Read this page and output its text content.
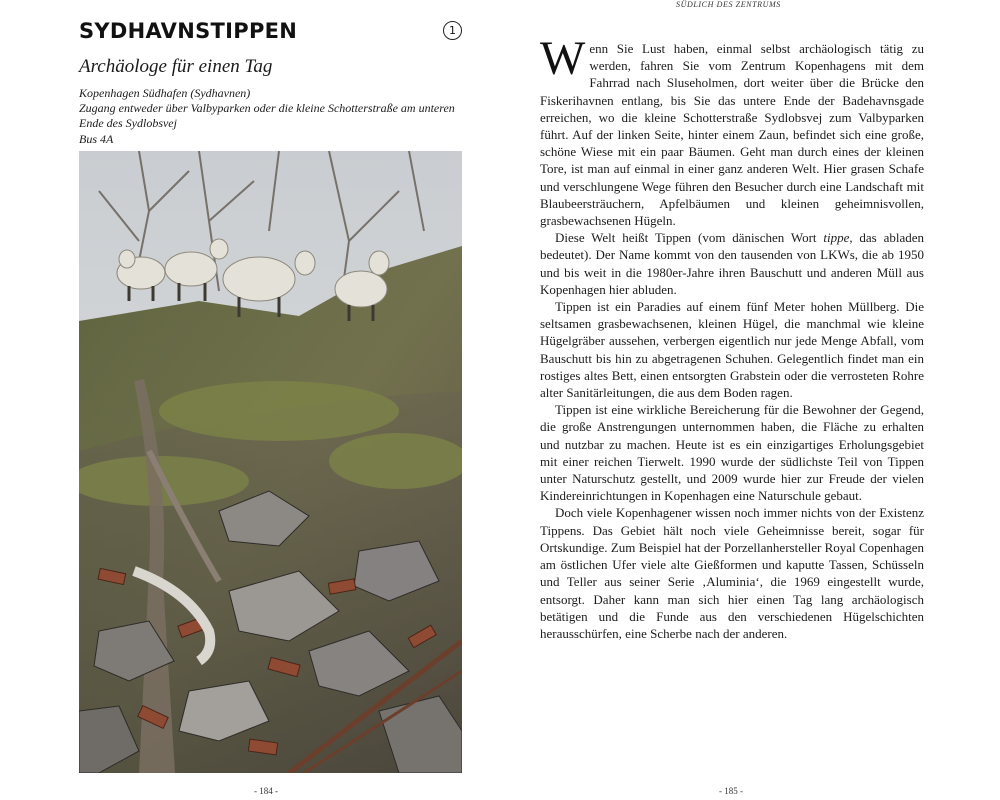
SYDHAVNSTIPPEN	1
Archäologe für einen Tag
Kopenhagen Südhafen (Sydhavnen)
Zugang entweder über Valbyparken oder die kleine Schotterstraße am unteren
Ende des Sydlobsvej
Bus 4A
- 184 -
SÜDLICH DES ZENTRUMS

Wenn Sie Lust haben, einmal selbst archäologisch tätig zu werden, fahren Sie vom Zentrum Kopenhagens mit dem Fahrrad nach Sluseholmen, dort weiter über die Brücke den Fiskerihavnen entlang, bis Sie das untere Ende der Badehavnsgade erreichen, wo die kleine Schotterstraße Sydlobsvej zum Valbyparken führt. Auf der linken Seite, hinter einem Zaun, befindet sich eine große, schöne Wiese mit ein paar Bäumen. Geht man durch eines der kleinen Tore, ist man auf einmal in einer ganz anderen Welt. Hier grasen Schafe und verschlungene Wege führen den Besucher durch eine Landschaft mit Blaubeersträuchern, Apfelbäumen und kleinen geheimnisvollen, grasbewachsenen Hügeln.

Diese Welt heißt Tippen (vom dänischen Wort tippe, das abladen bedeutet). Der Name kommt von den tausenden von LKWs, die ab 1950 und bis weit in die 1980er-Jahre ihren Bauschutt und anderen Müll aus Kopenhagen hier abluden.

Tippen ist ein Paradies auf einem fünf Meter hohen Müllberg. Die seltsamen grasbewachsenen, kleinen Hügel, die manchmal wie kleine Hügelgräber aussehen, verbergen eigentlich nur jede Menge Abfall, vom Bauschutt bis hin zu abgetragenen Schuhen. Gelegentlich findet man ein rostiges altes Bett, einen entsorgten Grabstein oder die verrosteten Rohre alter Sanitärleitungen, die aus dem Boden ragen.

Tippen ist eine wirkliche Bereicherung für die Bewohner der Gegend, die große Anstrengungen unternommen haben, die Fläche zu erhalten und nutzbar zu machen. Heute ist es ein einzigartiges Erholungsgebiet mit einer reichen Tierwelt. 1990 wurde der südlichste Teil von Tippen unter Naturschutz gestellt, und 2009 wurde hier zur Freude der vielen Kindereinrichtungen in Kopenhagen eine Naturschule gebaut.

Doch viele Kopenhagener wissen noch immer nichts von der Existenz Tippens. Das Gebiet hält noch viele Geheimnisse bereit, sogar für Ortskundige. Zum Beispiel hat der Porzellanhersteller Royal Copenhagen am östlichen Ufer viele alte Gießformen und kaputte Tassen, Schüsseln und Teller aus seiner Serie ‚Aluminia‘, die 1969 eingestellt wurde, entsorgt. Daher kann man sich hier einen Tag lang archäologisch betätigen und die Funde aus den verschiedenen Hügelschichten herausschürfen, eine Scherbe nach der anderen.

- 185 -
